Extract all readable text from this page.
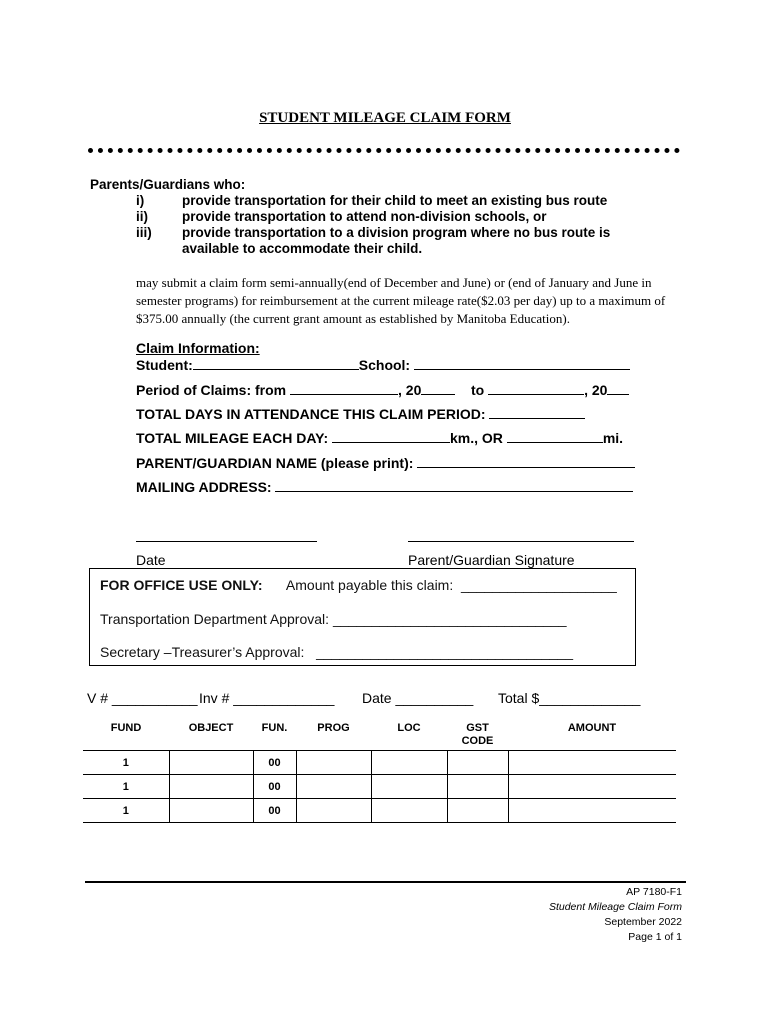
STUDENT MILEAGE CLAIM FORM
Parents/Guardians who:
i)	provide transportation for their child to meet an existing bus route
ii)	provide transportation to attend non-division schools, or
iii)	provide transportation to a division program where no bus route is
available to accommodate their child.
may submit a claim form semi-annually(end of December and June) or (end of January and June in semester programs) for reimbursement at the current mileage rate($2.03 per day) up to a maximum of $375.00 annually (the current grant amount as established by Manitoba Education).
Claim Information:
Student:	School:
Period of Claims: from	, 20	to	, 20
TOTAL DAYS IN ATTENDANCE THIS CLAIM PERIOD:
TOTAL MILEAGE EACH DAY:	km., OR	mi.
PARENT/GUARDIAN NAME (please print):
MAILING ADDRESS:
Date	Parent/Guardian Signature
FOR OFFICE USE ONLY: Amount payable this claim: ____________________
Transportation Department Approval: ______________________________
Secretary –Treasurer’s Approval: _________________________________
V # ___________ Inv # _____________ Date __________ Total $_____________
FUND	OBJECT	FUN.	PROG	LOC	GST CODE	AMOUNT
1		00				
1		00				
1		00				
AP 7180-F1
Student Mileage Claim Form
September 2022
Page 1 of 1
